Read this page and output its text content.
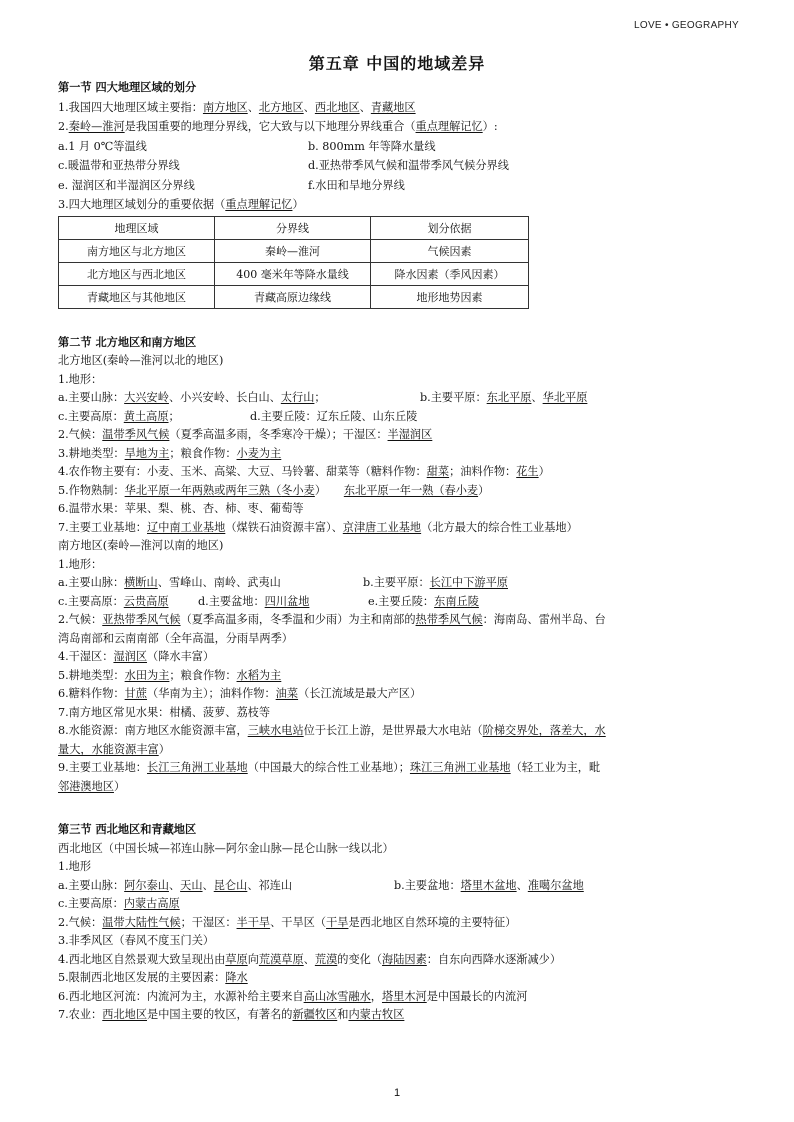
LOVE • GEOGRAPHY
第五章 中国的地域差异
第一节 四大地理区域的划分
1.我国四大地理区域主要指：南方地区、北方地区、西北地区、青藏地区
2.秦岭—淮河是我国重要的地理分界线，它大致与以下地理分界线重合（重点理解记忆）:
a.1 月 0℃等温线	b. 800mm 年等降水量线
c.暖温带和亚热带分界线	d.亚热带季风气候和温带季风气候分界线
e. 湿润区和半湿润区分界线	f.水田和旱地分界线
3.四大地理区域划分的重要依据（重点理解记忆）
地理区域	分界线	划分依据
南方地区与北方地区	秦岭—淮河	气候因素
北方地区与西北地区	400 毫米年等降水量线	降水因素（季风因素）
青藏地区与其他地区	青藏高原边缘线	地形地势因素
第二节 北方地区和南方地区
北方地区(秦岭—淮河以北的地区)
1.地形：
a.主要山脉：大兴安岭、小兴安岭、长白山、太行山；	b.主要平原：东北平原、华北平原
c.主要高原：黄土高原；	d.主要丘陵：辽东丘陵、山东丘陵
2.气候：温带季风气候（夏季高温多雨，冬季寒冷干燥）；干湿区：半湿润区
3.耕地类型：旱地为主；粮食作物：小麦为主
4.农作物主要有：小麦、玉米、高粱、大豆、马铃薯、甜菜等（糖料作物：甜菜；油料作物：花生）
5.作物熟制：华北平原一年两熟或两年三熟（冬小麦） 东北平原一年一熟（春小麦）
6.温带水果：苹果、梨、桃、杏、柿、枣、葡萄等
7.主要工业基地：辽中南工业基地（煤铁石油资源丰富）、京津唐工业基地（北方最大的综合性工业基地）
南方地区(秦岭—淮河以南的地区)
1.地形：
a.主要山脉：横断山、雪峰山、南岭、武夷山	b.主要平原：长江中下游平原
c.主要高原：云贵高原	d.主要盆地：四川盆地	e.主要丘陵：东南丘陵
2.气候：亚热带季风气候（夏季高温多雨，冬季温和少雨）为主和南部的热带季风气候：海南岛、雷州半岛、台
湾岛南部和云南南部（全年高温，分雨旱两季）
4.干湿区：湿润区（降水丰富）
5.耕地类型：水田为主；粮食作物：水稻为主
6.糖料作物：甘蔗（华南为主）；油料作物：油菜（长江流域是最大产区）
7.南方地区常见水果：柑橘、菠萝、荔枝等
8.水能资源：南方地区水能资源丰富，三峡水电站位于长江上游，是世界最大水电站（阶梯交界处，落差大，水
量大，水能资源丰富）
9.主要工业基地：长江三角洲工业基地（中国最大的综合性工业基地）；珠江三角洲工业基地（轻工业为主，毗
邻港澳地区）
第三节 西北地区和青藏地区
西北地区（中国长城—祁连山脉—阿尔金山脉—昆仑山脉一线以北）
1.地形
a.主要山脉：阿尔泰山、天山、昆仑山、祁连山	b.主要盆地：塔里木盆地、准噶尔盆地
c.主要高原：内蒙古高原
2.气候：温带大陆性气候；干湿区：半干旱、干旱区（干旱是西北地区自然环境的主要特征）
3.非季风区（春风不度玉门关）
4.西北地区自然景观大致呈现出由草原向荒漠草原、荒漠的变化（海陆因素：自东向西降水逐渐减少）
5.限制西北地区发展的主要因素：降水
6.西北地区河流：内流河为主，水源补给主要来自高山冰雪融水，塔里木河是中国最长的内流河
7.农业：西北地区是中国主要的牧区，有著名的新疆牧区和内蒙古牧区
1
